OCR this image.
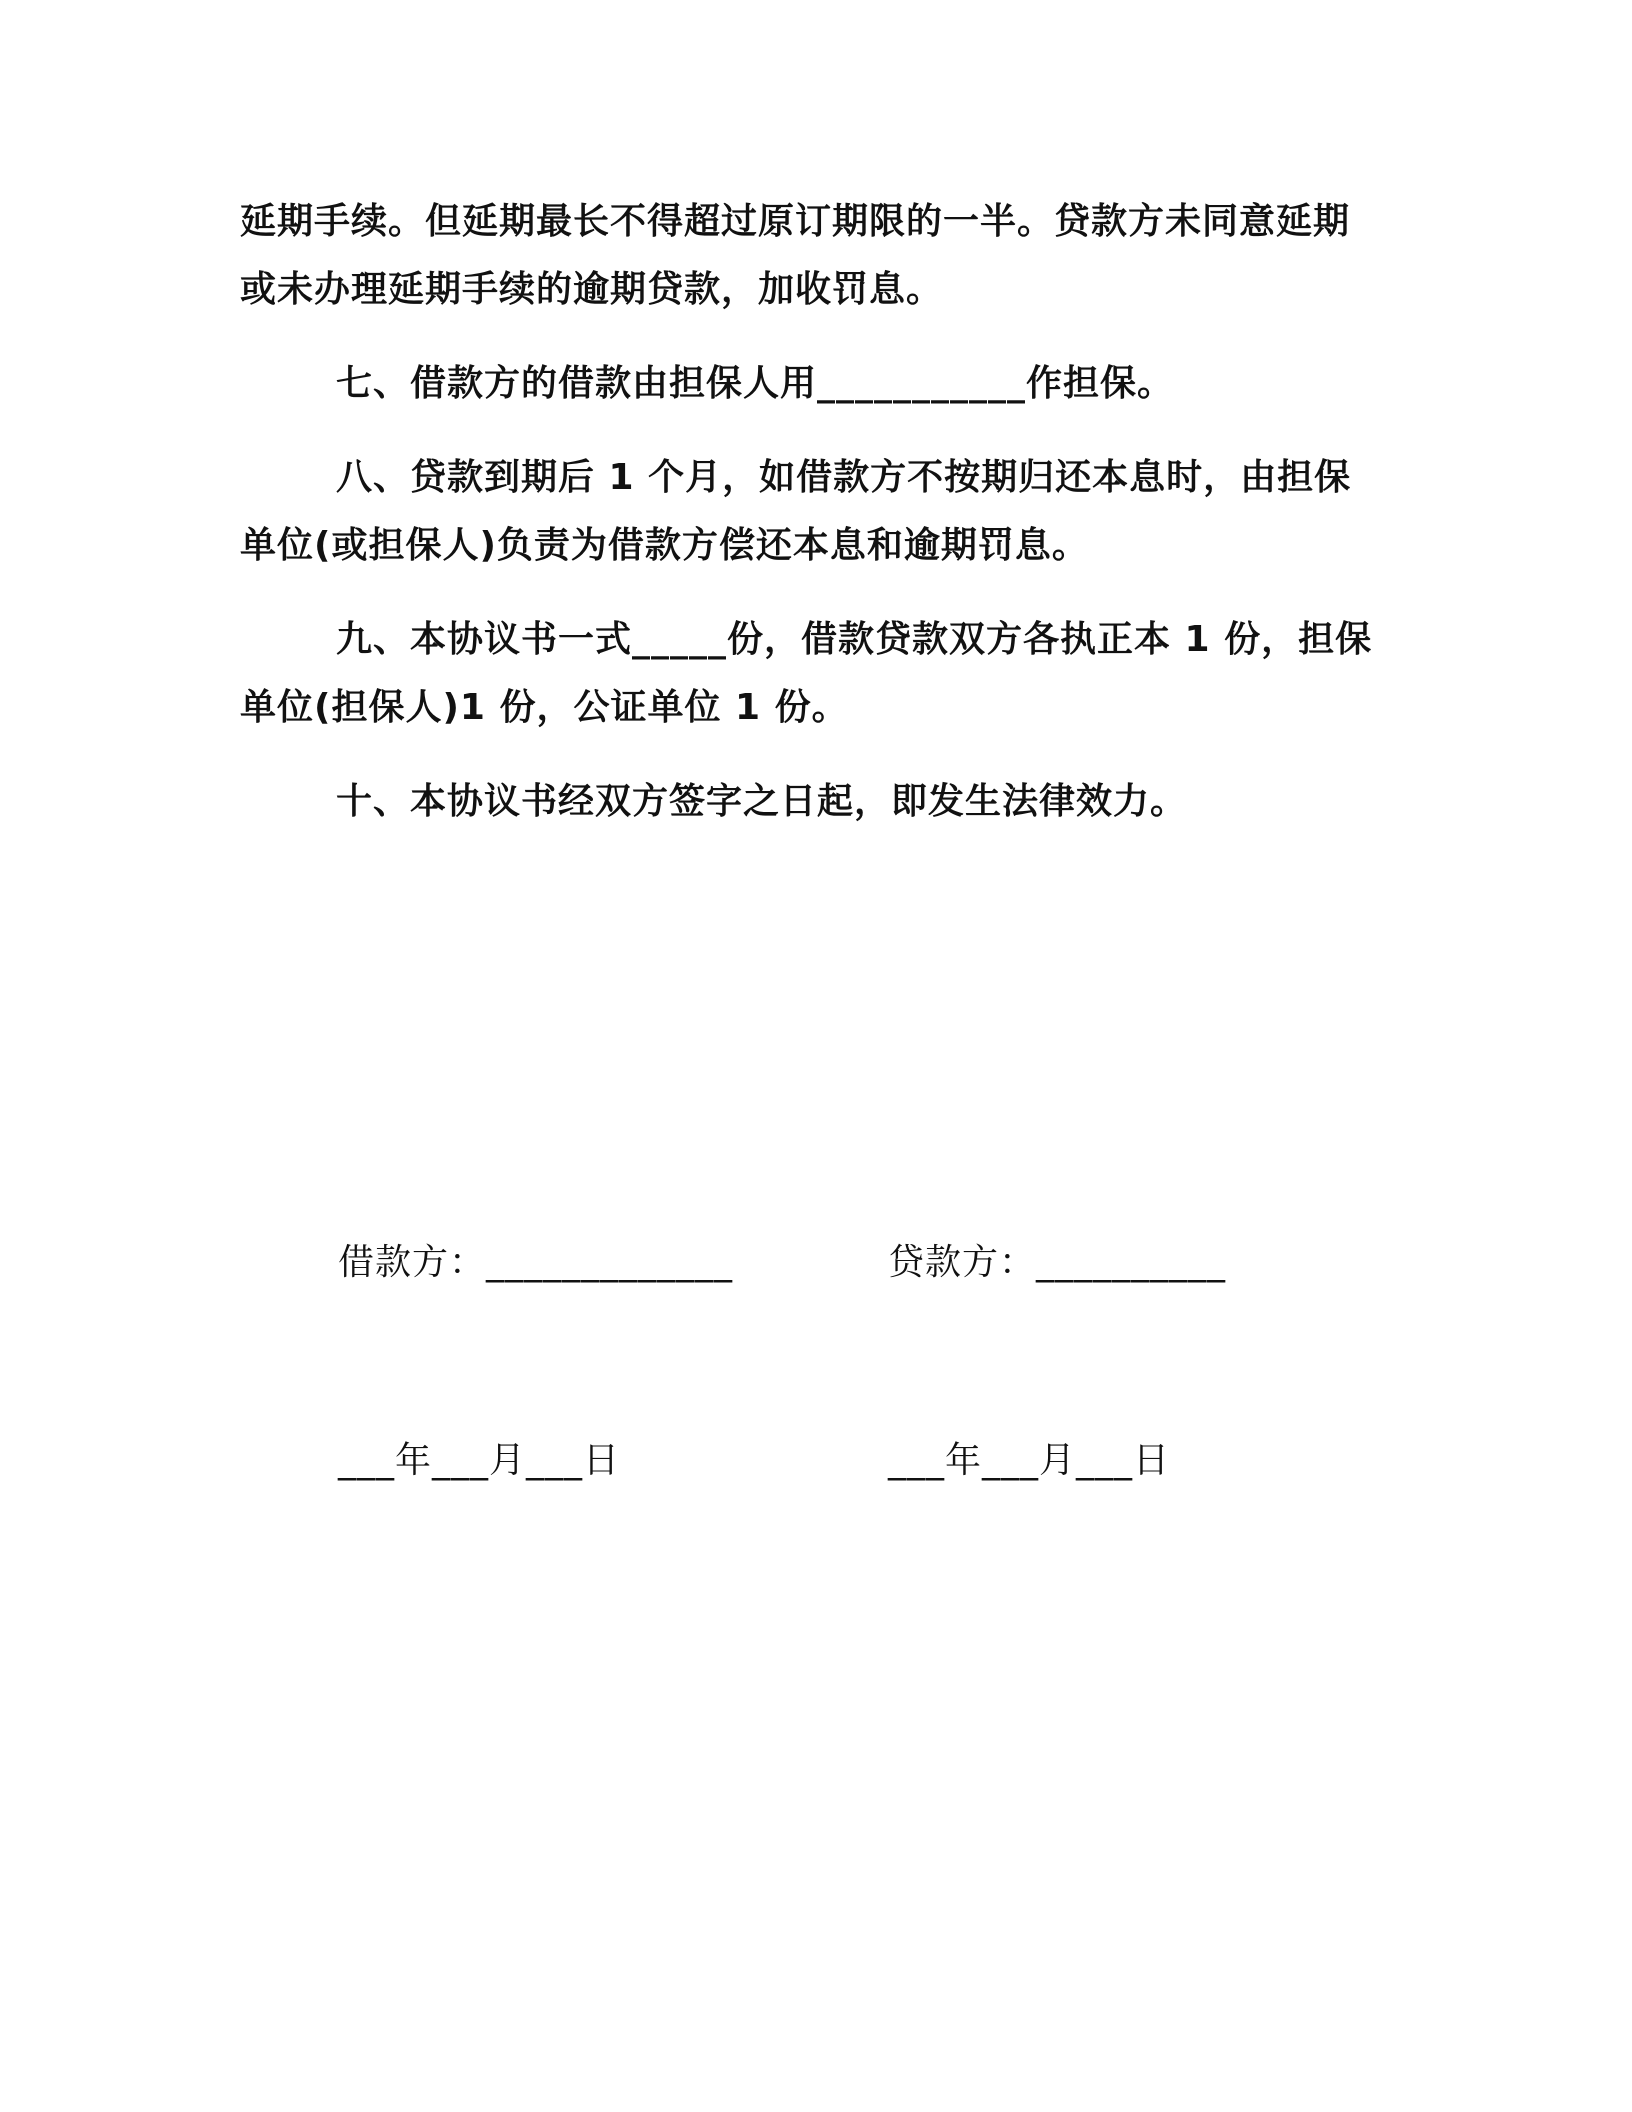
延期手续。但延期最长不得超过原订期限的一半。贷款方未同意延期或未办理延期手续的逾期贷款，加收罚息。

七、借款方的借款由担保人用___________作担保。

八、贷款到期后 1 个月，如借款方不按期归还本息时，由担保单位(或担保人)负责为借款方偿还本息和逾期罚息。

九、本协议书一式_____份，借款贷款双方各执正本 1 份，担保单位(担保人)1 份，公证单位 1 份。

十、本协议书经双方签字之日起，即发生法律效力。

借款方：_____________

___年___月___日

贷款方：__________

___年___月___日
